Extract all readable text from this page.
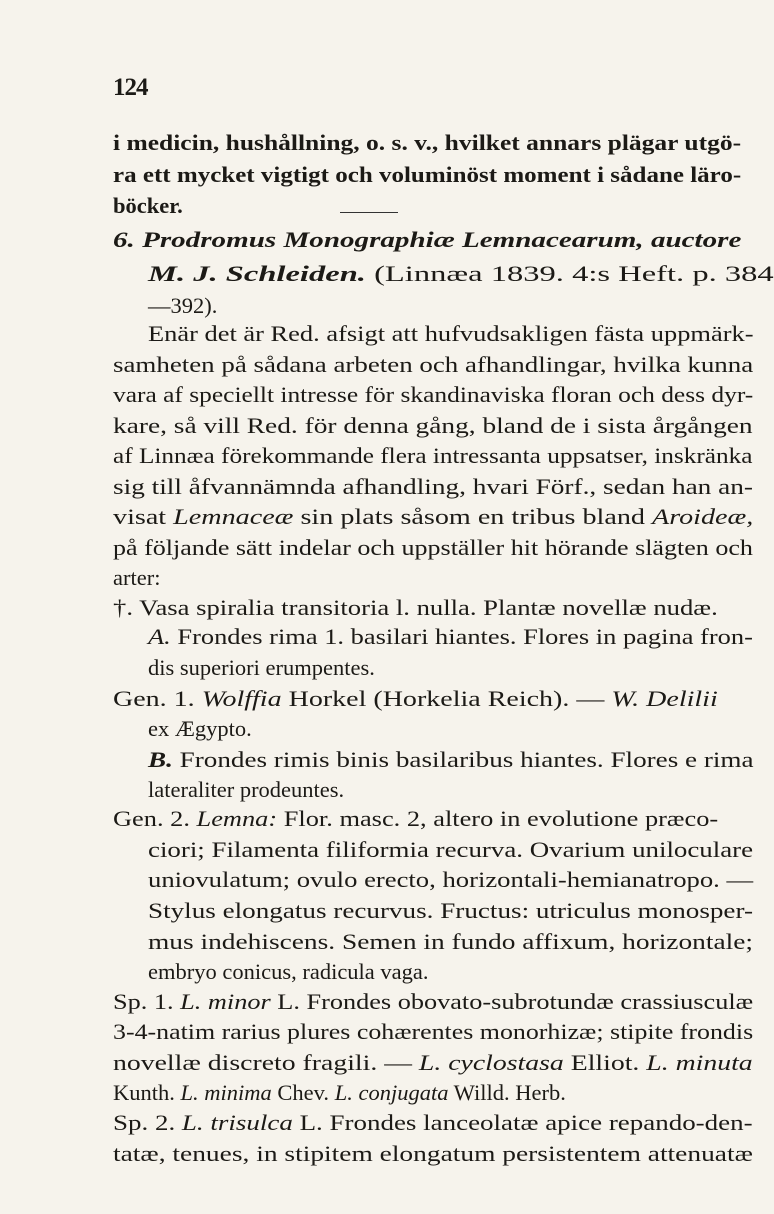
124
i medicin, hushållning, o. s. v., hvilket annars plägar utgö-
ra ett mycket vigtigt och voluminöst moment i sådane läro-
böcker.
6. Prodromus Monographiæ Lemnacearum, auctore
M. J. Schleiden. (Linnæa 1839. 4:s Heft. p. 384
—392).
Enär det är Red. afsigt att hufvudsakligen fästa uppmärk-
samheten på sådana arbeten och afhandlingar, hvilka kunna
vara af speciellt intresse för skandinaviska floran och dess dyr-
kare, så vill Red. för denna gång, bland de i sista årgången
af Linnæa förekommande flera intressanta uppsatser, inskränka
sig till åfvannämnda afhandling, hvari Förf., sedan han an-
visat Lemnaceæ sin plats såsom en tribus bland Aroideæ,
på följande sätt indelar och uppställer hit hörande slägten och
arter:
†. Vasa spiralia transitoria l. nulla. Plantæ novellæ nudæ.
A. Frondes rima 1. basilari hiantes. Flores in pagina fron-
dis superiori erumpentes.
Gen. 1. Wolffia Horkel (Horkelia Reich). — W. Delilii
ex Ægypto.
B. Frondes rimis binis basilaribus hiantes. Flores e rima
lateraliter prodeuntes.
Gen. 2. Lemna: Flor. masc. 2, altero in evolutione præco-
ciori; Filamenta filiformia recurva. Ovarium uniloculare
uniovulatum; ovulo erecto, horizontali-hemianatropo. —
Stylus elongatus recurvus. Fructus: utriculus monosper-
mus indehiscens. Semen in fundo affixum, horizontale;
embryo conicus, radicula vaga.
Sp. 1. L. minor L. Frondes obovato-subrotundæ crassiusculæ
3-4-natim rarius plures cohærentes monorhizæ; stipite frondis
novellæ discreto fragili. — L. cyclostasa Elliot. L. minuta
Kunth. L. minima Chev. L. conjugata Willd. Herb.
Sp. 2. L. trisulca L. Frondes lanceolatæ apice repando-den-
tatæ, tenues, in stipitem elongatum persistentem attenuatæ
